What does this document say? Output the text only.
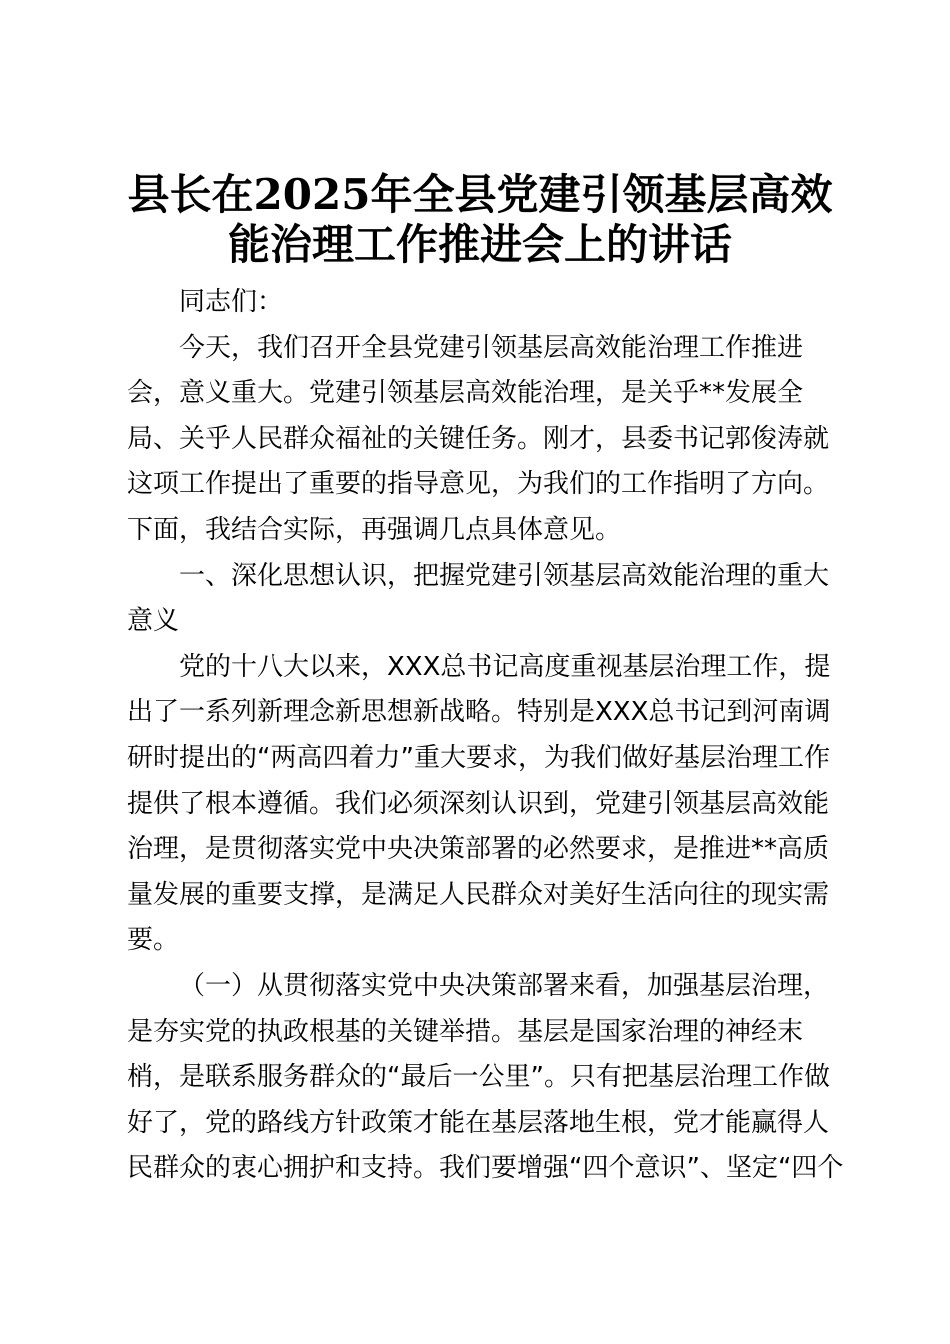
县长在2025年全县党建引领基层高效
能治理工作推进会上的讲话

同志们：

今天，我们召开全县党建引领基层高效能治理工作推进
会，意义重大。党建引领基层高效能治理，是关乎**发展全
局、关乎人民群众福祉的关键任务。刚才，县委书记郭俊涛就
这项工作提出了重要的指导意见，为我们的工作指明了方向。
下面，我结合实际，再强调几点具体意见。

一、深化思想认识，把握党建引领基层高效能治理的重大
意义

党的十八大以来，XXX总书记高度重视基层治理工作，提
出了一系列新理念新思想新战略。特别是XXX总书记到河南调
研时提出的“两高四着力”重大要求，为我们做好基层治理工作
提供了根本遵循。我们必须深刻认识到，党建引领基层高效能
治理，是贯彻落实党中央决策部署的必然要求，是推进**高质
量发展的重要支撑，是满足人民群众对美好生活向往的现实需
要。

（一）从贯彻落实党中央决策部署来看，加强基层治理，
是夯实党的执政根基的关键举措。基层是国家治理的神经末
梢，是联系服务群众的“最后一公里”。只有把基层治理工作做
好了，党的路线方针政策才能在基层落地生根，党才能赢得人
民群众的衷心拥护和支持。我们要增强“四个意识”、坚定“四个
